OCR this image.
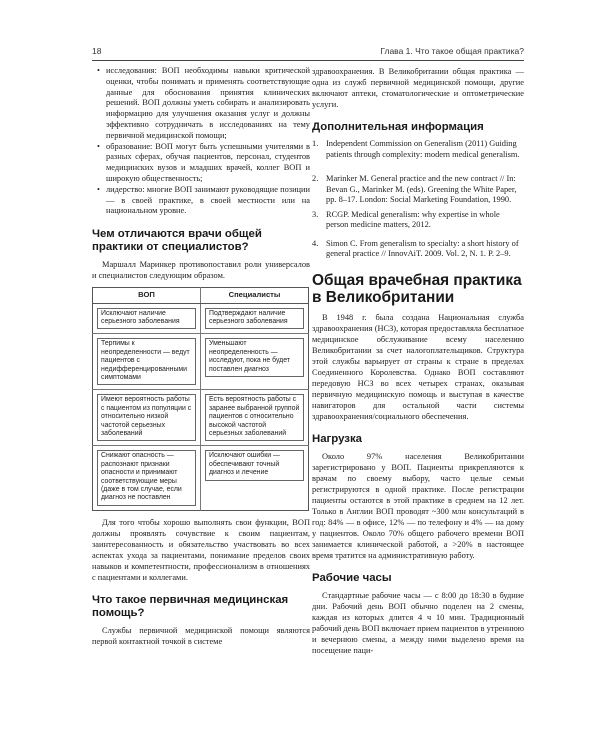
18	Глава 1. Что такое общая практика?
• исследования: ВОП необходимы навыки критической оценки, чтобы понимать и применять соответствующие данные для обоснования принятия клинических решений. ВОП должны уметь собирать и анализировать информацию для улучшения оказания услуг и должны эффективно сотрудничать в исследованиях на тему первичной медицинской помощи;
• образование: ВОП могут быть успешными учителями в разных сферах, обучая пациентов, персонал, студентов медицинских вузов и младших врачей, коллег ВОП и широкую общественность;
• лидерство: многие ВОП занимают руководящие позиции — в своей практике, в своей местности или на национальном уровне.
Чем отличаются врачи общей практики от специалистов?

Маршалл Маринкер противопоставил роли универсалов и специалистов следующим образом.

ВОП	Специалисты

Исключают наличие серьезного заболевания	Подтверждают наличие серьезного заболевания

Терпимы к неопределенности — ведут пациентов с недифференцированными симптомами	Уменьшают неопределенность — исследуют, пока не будет поставлен диагноз

Имеют вероятность работы с пациентом из популяции с относительно низкой частотой серьезных заболеваний	Есть вероятность работы с заранее выбранной группой пациентов с относительно высокой частотой серьезных заболеваний

Снижают опасность — распознают признаки опасности и принимают соответствующие меры (даже в том случае, если диагноз не поставлен	Исключают ошибки — обеспечивают точный диагноз и лечение

Для того чтобы хорошо выполнять свои функции, ВОП должны проявлять сочувствие к своим пациентам, заинтересованность и обязательство участвовать во всех аспектах ухода за пациентами, понимание пределов своих навыков и компетентности, профессионализм в отношениях с пациентами и коллегами.

Что такое первичная медицинская помощь?

Службы первичной медицинской помощи являются первой контактной точкой в системе

здравоохранения. В Великобритании общая практика — одна из служб первичной медицинской помощи, другие включают аптеки, стоматологические и оптометрические услуги.

Дополнительная информация
1. Independent Commission on Generalism (2011) Guiding patients through complexity: modern medical generalism.
2. Marinker M. General practice and the new contract // In: Bevan G., Marinker M. (eds). Greening the White Paper, pp. 8–17. London: Social Marketing Foundation, 1990.
3. RCGP. Medical generalism: why expertise in whole person medicine matters, 2012.
4. Simon C. From generalism to specialty: a short history of general practice // InnovAiT. 2009. Vol. 2, N. 1. P. 2–9.
Общая врачебная практика в Великобритании

В 1948 г. была создана Национальная служба здравоохранения (НСЗ), которая предоставляла бесплатное медицинское обслуживание всему населению Великобритании за счет налогоплательщиков. Структура этой службы варьирует от страны к стране в пределах Соединенного Королевства. Однако ВОП составляют передовую НСЗ во всех четырех странах, оказывая первичную медицинскую помощь и выступая в качестве навигаторов для остальной части системы здравоохранения/социального обеспечения.

Нагрузка

Около 97% населения Великобритании зарегистрировано у ВОП. Пациенты прикрепляются к врачам по своему выбору, часто целые семьи регистрируются в одной практике. После регистрации пациенты остаются в этой практике в среднем на 12 лет. Только в Англии ВОП проводят ~300 млн консультаций в год: 84% — в офисе, 12% — по телефону и 4% — на дому у пациентов. Около 70% общего рабочего времени ВОП занимается клинической работой, а >20% в настоящее время тратится на административную работу.

Рабочие часы

Стандартные рабочие часы — с 8:00 до 18:30 в будние дни. Рабочий день ВОП обычно поделен на 2 смены, каждая из которых длится 4 ч 10 мин. Традиционный рабочий день ВОП включает прием пациентов в утреннюю и вечернюю смены, а между ними выделено время на посещение паци-
